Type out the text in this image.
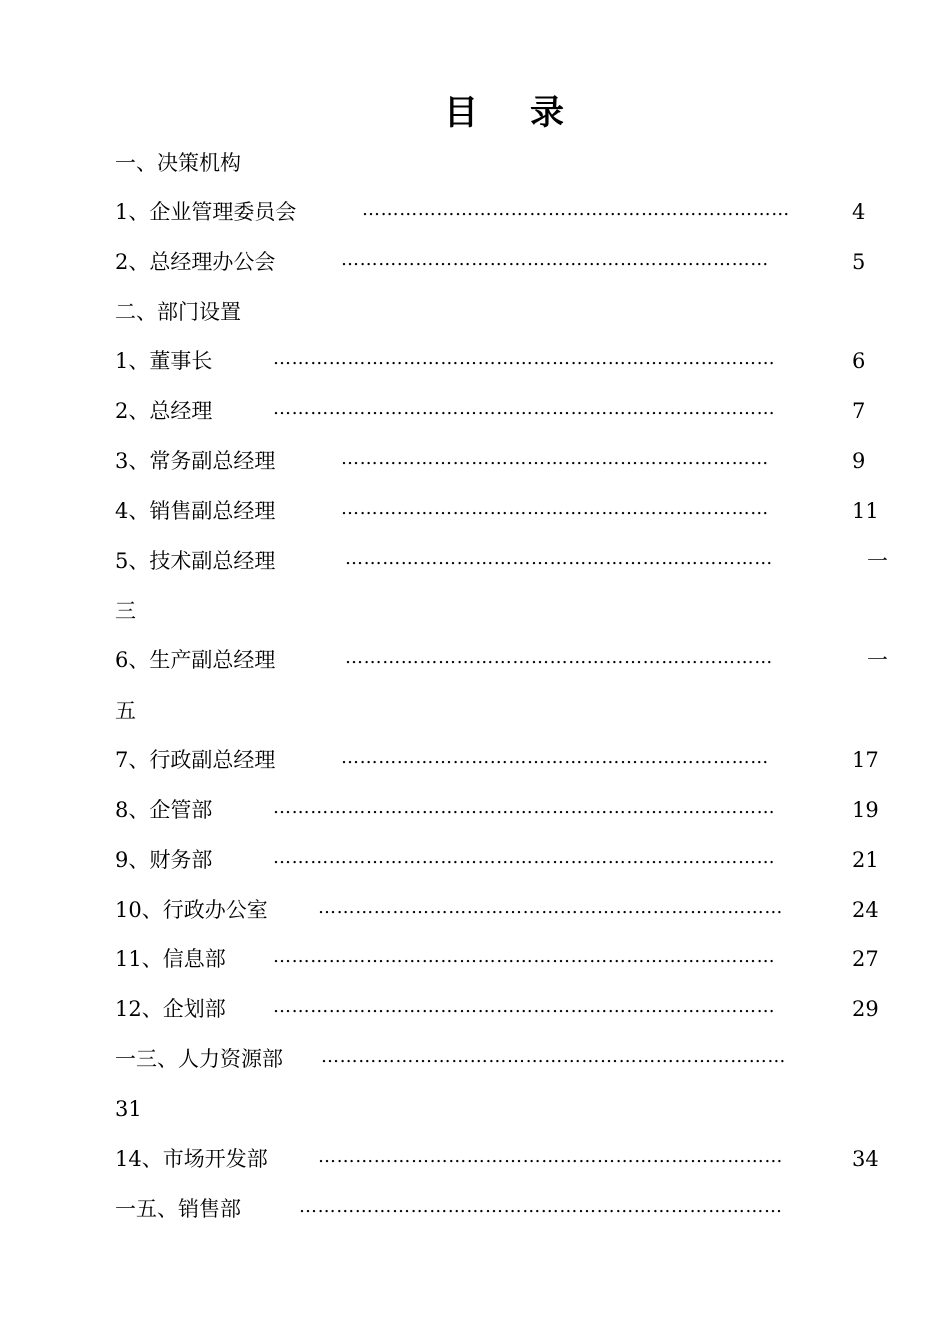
目 录
一、决策机构
1、企业管理委员会	……………………………………………………………	4
2、总经理办公会	……………………………………………………………	5
二、部门设置
1、董事长	………………………………………………………………………	6
2、总经理	………………………………………………………………………	7
3、常务副总经理	……………………………………………………………	9
4、销售副总经理	……………………………………………………………	11
5、技术副总经理	……………………………………………………………	一
三
6、生产副总经理	……………………………………………………………	一
五
7、行政副总经理	……………………………………………………………	17
8、企管部	………………………………………………………………………	19
9、财务部	………………………………………………………………………	21
10、行政办公室	…………………………………………………………………	24
11、信息部	………………………………………………………………………	27
12、企划部	………………………………………………………………………	29
一三、人力资源部 …………………………………………………………………
31
14、市场开发部	…………………………………………………………………	34
一五、销售部	……………………………………………………………………
